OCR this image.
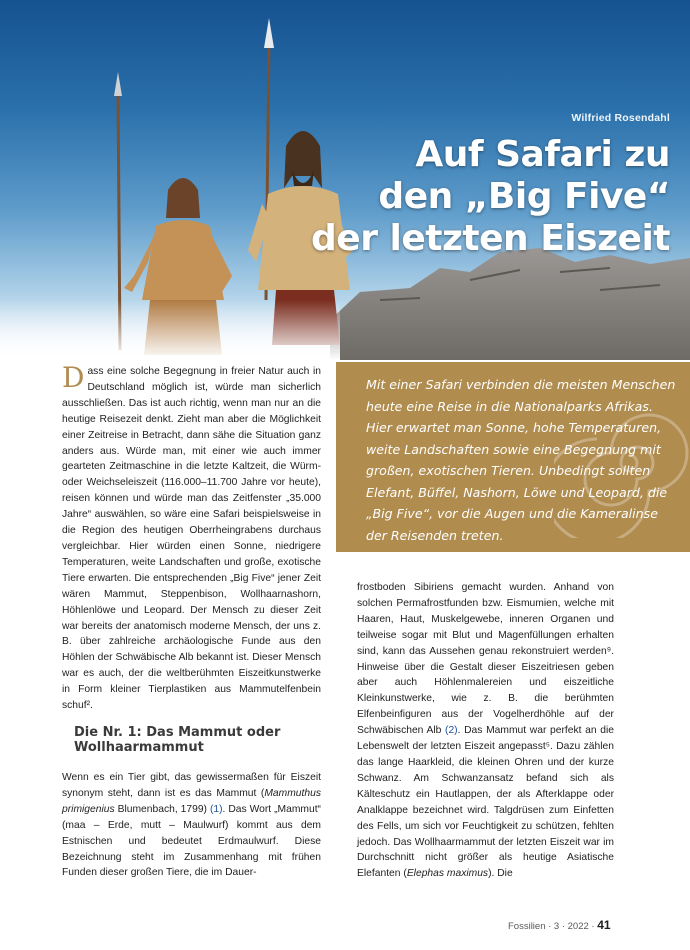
Wilfried Rosendahl
Auf Safari zu
den „Big Five“
der letzten Eiszeit

Mit einer Safari verbinden die meisten Menschen heute eine Reise in die Nationalparks Afrikas. Hier erwartet man Sonne, hohe Temperaturen, weite Landschaften sowie eine Begegnung mit großen, exotischen Tieren. Unbedingt sollten Elefant, Büffel, Nashorn, Löwe und Leopard, die „Big Five“, vor die Augen und die Kameralinse der Reisenden treten.

Dass eine solche Begegnung in freier Natur auch in Deutschland möglich ist, würde man sicherlich ausschließen. Das ist auch richtig, wenn man nur an die heutige Reisezeit denkt. Zieht man aber die Möglichkeit einer Zeitreise in Betracht, dann sähe die Situation ganz anders aus. Würde man, mit einer wie auch immer gearteten Zeitmaschine in die letzte Kaltzeit, die Würm- oder Weichseleiszeit (116.000–11.700 Jahre vor heute), reisen können und würde man das Zeitfenster „35.000 Jahre“ auswählen, so wäre eine Safari beispielsweise in die Region des heutigen Oberrheingrabens durchaus vergleichbar. Hier würden einen Sonne, niedrigere Temperaturen, weite Landschaften und große, exotische Tiere erwarten. Die entsprechenden „Big Five“ jener Zeit wären Mammut, Steppenbison, Wollhaarnashorn, Höhlenlöwe und Leopard. Der Mensch zu dieser Zeit war bereits der anatomisch moderne Mensch, der uns z. B. über zahlreiche archäologische Funde aus den Höhlen der Schwäbische Alb bekannt ist. Dieser Mensch war es auch, der die weltberühmten Eiszeitkunstwerke in Form kleiner Tierplastiken aus Mammutelfenbein schuf².
Die Nr. 1: Das Mammut oder Wollhaarmammut
Wenn es ein Tier gibt, das gewissermaßen für Eiszeit synonym steht, dann ist es das Mammut (Mammuthus primigenius Blumenbach, 1799) (1). Das Wort „Mammut“ (maa – Erde, mutt – Maulwurf) kommt aus dem Estnischen und bedeutet Erdmaulwurf. Diese Bezeichnung steht im Zusammenhang mit frühen Funden dieser großen Tiere, die im Dauer-
frostboden Sibiriens gemacht wurden. Anhand von solchen Permafrostfunden bzw. Eismumien, welche mit Haaren, Haut, Muskelgewebe, inneren Organen und teilweise sogar mit Blut und Magenfüllungen erhalten sind, kann das Aussehen genau rekonstruiert werden⁹. Hinweise über die Gestalt dieser Eiszeitriesen geben aber auch Höhlenmalereien und eiszeitliche Kleinkunstwerke, wie z. B. die berühmten Elfenbeinfiguren aus der Vogelherdhöhle auf der Schwäbischen Alb (2). Das Mammut war perfekt an die Lebenswelt der letzten Eiszeit angepasst⁵. Dazu zählen das lange Haarkleid, die kleinen Ohren und der kurze Schwanz. Am Schwanzansatz befand sich als Kälteschutz ein Hautlappen, der als Afterklappe oder Analklappe bezeichnet wird. Talgdrüsen zum Einfetten des Fells, um sich vor Feuchtigkeit zu schützen, fehlten jedoch. Das Wollhaarmammut der letzten Eiszeit war im Durchschnitt nicht größer als heutige Asiatische Elefanten (Elephas maximus). Die
Fossilien · 3 · 2022 · 41
